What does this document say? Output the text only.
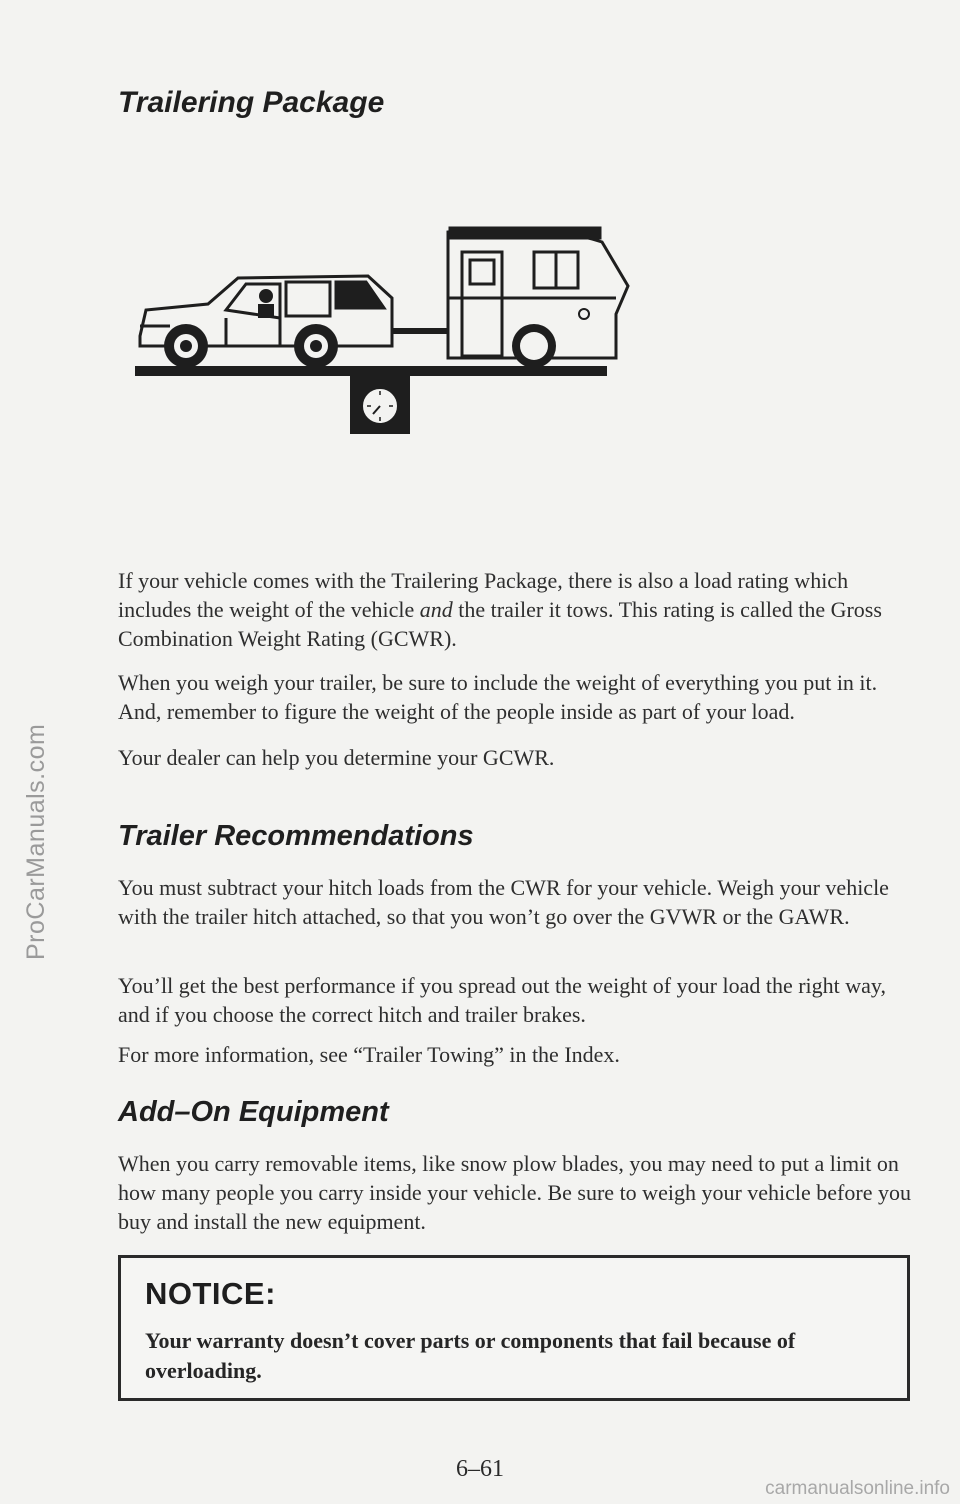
ProCarManuals.com
carmanualsonline.info
Trailering Package

If your vehicle comes with the Trailering Package, there is also a load rating which includes the weight of the vehicle and the trailer it tows. This rating is called the Gross Combination Weight Rating (GCWR).

When you weigh your trailer, be sure to include the weight of everything you put in it. And, remember to figure the weight of the people inside as part of your load.

Your dealer can help you determine your GCWR.

Trailer Recommendations

You must subtract your hitch loads from the CWR for your vehicle. Weigh your vehicle with the trailer hitch attached, so that you won’t go over the GVWR or the GAWR.

You’ll get the best performance if you spread out the weight of your load the right way, and if you choose the correct hitch and trailer brakes.

For more information, see “Trailer Towing” in the Index.

Add–On Equipment

When you carry removable items, like snow plow blades, you may need to put a limit on how many people you carry inside your vehicle. Be sure to weigh your vehicle before you buy and install the new equipment.

NOTICE:

Your warranty doesn’t cover parts or components that fail because of overloading.

6–61
